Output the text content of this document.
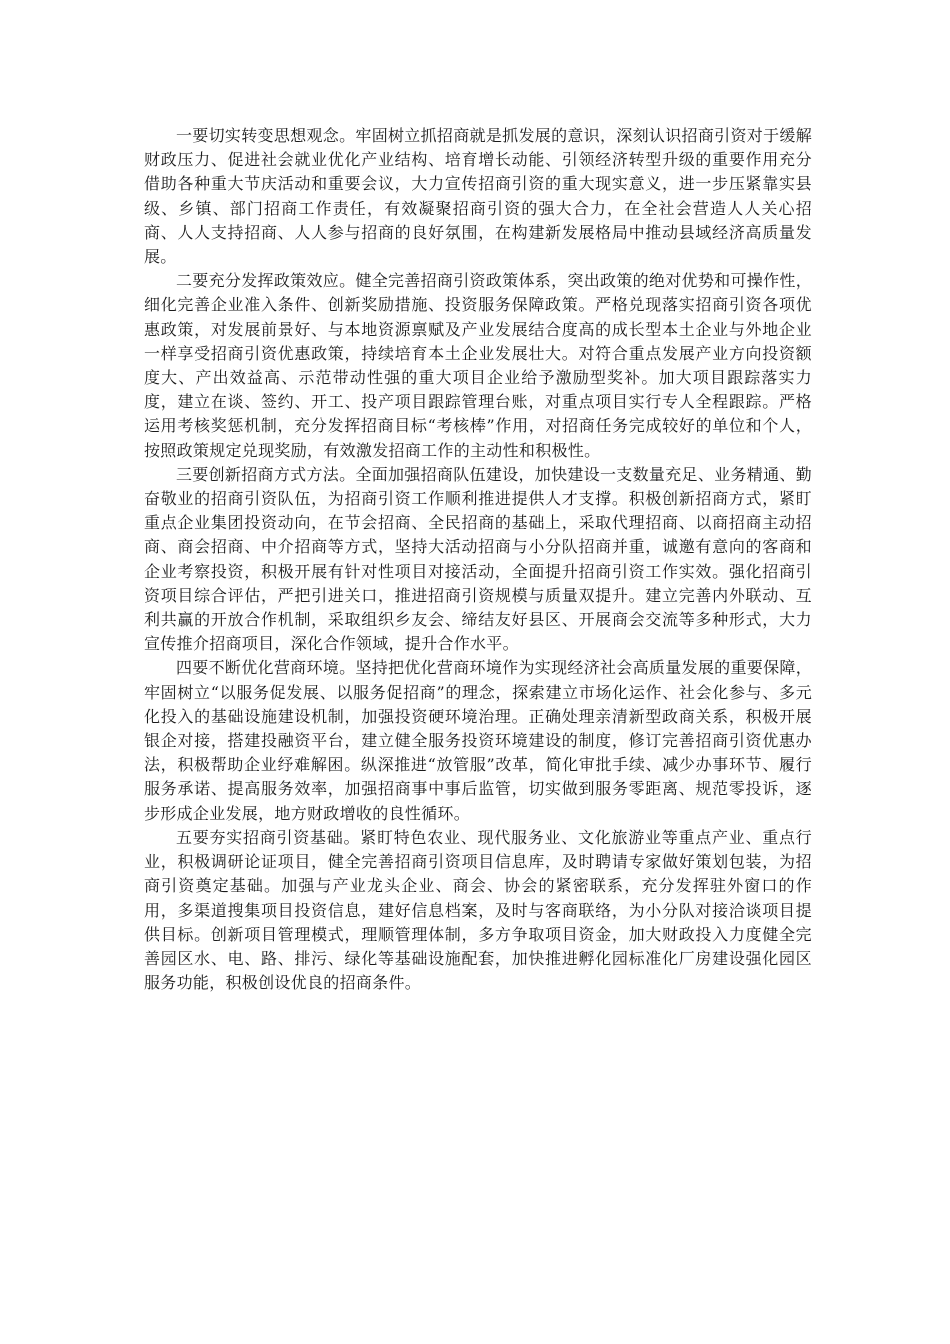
一要切实转变思想观念。牢固树立抓招商就是抓发展的意识，深刻认识招商引资对于缓解财政压力、促进社会就业优化产业结构、培育增长动能、引领经济转型升级的重要作用充分借助各种重大节庆活动和重要会议，大力宣传招商引资的重大现实意义，进一步压紧靠实县级、乡镇、部门招商工作责任，有效凝聚招商引资的强大合力，在全社会营造人人关心招商、人人支持招商、人人参与招商的良好氛围，在构建新发展格局中推动县域经济高质量发展。

二要充分发挥政策效应。健全完善招商引资政策体系，突出政策的绝对优势和可操作性，细化完善企业准入条件、创新奖励措施、投资服务保障政策。严格兑现落实招商引资各项优惠政策，对发展前景好、与本地资源禀赋及产业发展结合度高的成长型本土企业与外地企业一样享受招商引资优惠政策，持续培育本土企业发展壮大。对符合重点发展产业方向投资额度大、产出效益高、示范带动性强的重大项目企业给予激励型奖补。加大项目跟踪落实力度，建立在谈、签约、开工、投产项目跟踪管理台账，对重点项目实行专人全程跟踪。严格运用考核奖惩机制，充分发挥招商目标“考核棒”作用，对招商任务完成较好的单位和个人，按照政策规定兑现奖励，有效激发招商工作的主动性和积极性。

三要创新招商方式方法。全面加强招商队伍建设，加快建设一支数量充足、业务精通、勤奋敬业的招商引资队伍，为招商引资工作顺利推进提供人才支撑。积极创新招商方式，紧盯重点企业集团投资动向，在节会招商、全民招商的基础上，采取代理招商、以商招商主动招商、商会招商、中介招商等方式，坚持大活动招商与小分队招商并重，诚邀有意向的客商和企业考察投资，积极开展有针对性项目对接活动，全面提升招商引资工作实效。强化招商引资项目综合评估，严把引进关口，推进招商引资规模与质量双提升。建立完善内外联动、互利共赢的开放合作机制，采取组织乡友会、缔结友好县区、开展商会交流等多种形式，大力宣传推介招商项目，深化合作领域，提升合作水平。

四要不断优化营商环境。坚持把优化营商环境作为实现经济社会高质量发展的重要保障，牢固树立“以服务促发展、以服务促招商”的理念，探索建立市场化运作、社会化参与、多元化投入的基础设施建设机制，加强投资硬环境治理。正确处理亲清新型政商关系，积极开展银企对接，搭建投融资平台，建立健全服务投资环境建设的制度，修订完善招商引资优惠办法，积极帮助企业纾难解困。纵深推进“放管服”改革，简化审批手续、减少办事环节、履行服务承诺、提高服务效率，加强招商事中事后监管，切实做到服务零距离、规范零投诉，逐步形成企业发展，地方财政增收的良性循环。

五要夯实招商引资基础。紧盯特色农业、现代服务业、文化旅游业等重点产业、重点行业，积极调研论证项目，健全完善招商引资项目信息库，及时聘请专家做好策划包装，为招商引资奠定基础。加强与产业龙头企业、商会、协会的紧密联系，充分发挥驻外窗口的作用，多渠道搜集项目投资信息，建好信息档案，及时与客商联络，为小分队对接洽谈项目提供目标。创新项目管理模式，理顺管理体制，多方争取项目资金，加大财政投入力度健全完善园区水、电、路、排污、绿化等基础设施配套，加快推进孵化园标准化厂房建设强化园区服务功能，积极创设优良的招商条件。
